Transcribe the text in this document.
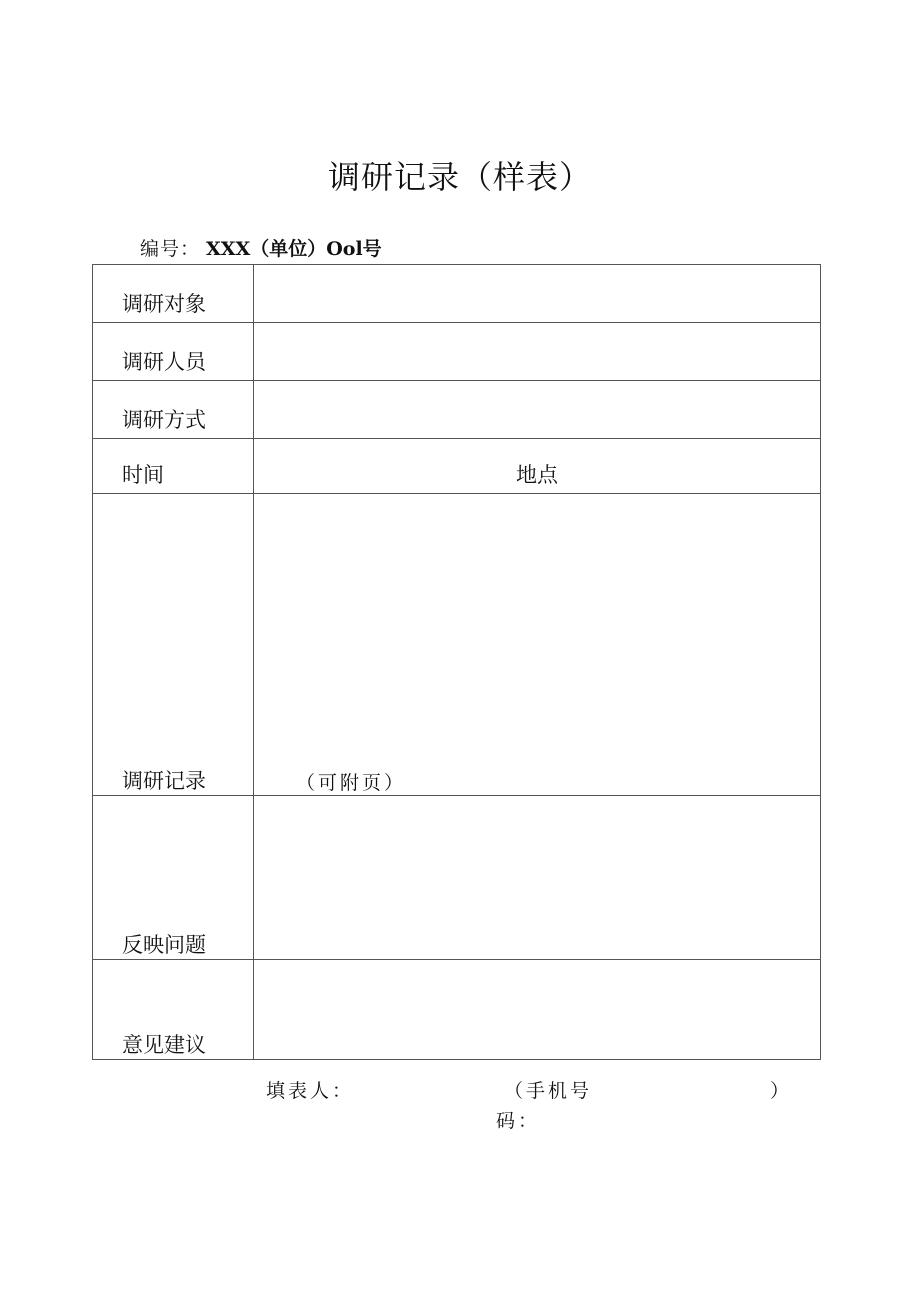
调研记录（样表）
编号： XXX（单位）Ool号
调研对象	

调研人员	

调研方式	

时间	地点

调研记录	（可附页）

反映问题	

意见建议	

填表人：	（手机号
码：
）
